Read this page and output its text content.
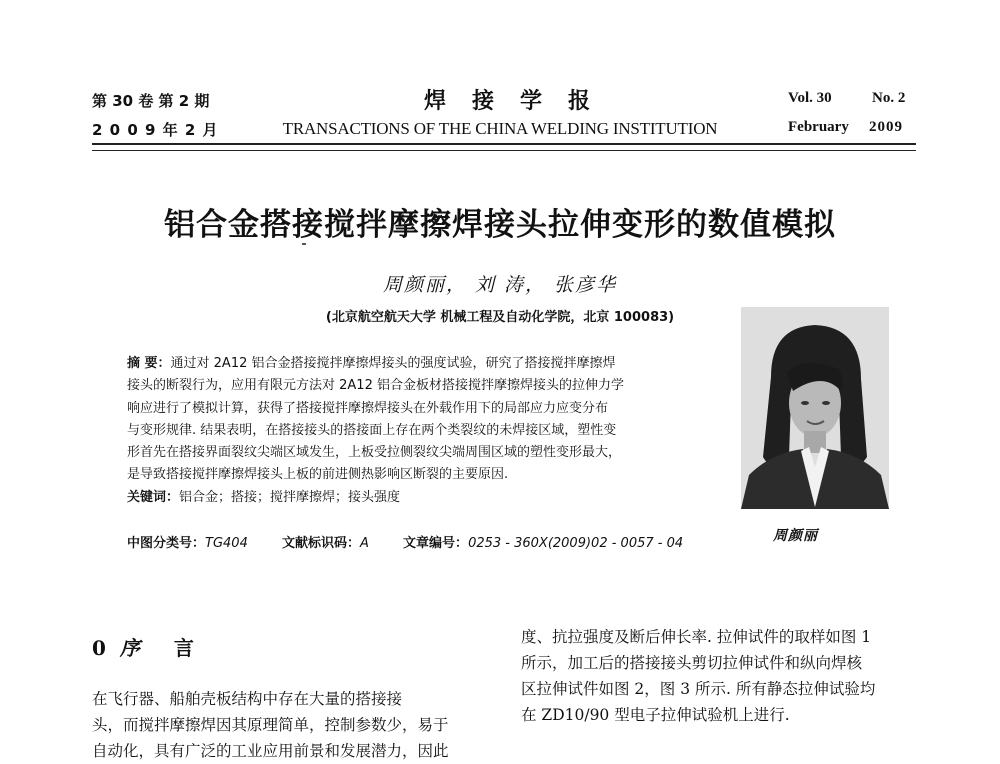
第 30 卷 第 2 期
2 0 0 9 年 2 月
焊接学报
TRANSACTIONS OF THE CHINA WELDING INSTITUTION
Vol. 30	No. 2
February 2009
铝合金搭接搅拌摩擦焊接头拉伸变形的数值模拟
周颜丽， 刘 涛， 张彦华
(北京航空航天大学 机械工程及自动化学院，北京 100083)
摘 要：通过对 2A12 铝合金搭接搅拌摩擦焊接头的强度试验，研究了搭接搅拌摩擦焊
接头的断裂行为，应用有限元方法对 2A12 铝合金板材搭接搅拌摩擦焊接头的拉伸力学
响应进行了模拟计算，获得了搭接搅拌摩擦焊接头在外载作用下的局部应力应变分布
与变形规律. 结果表明，在搭接接头的搭接面上存在两个类裂纹的未焊接区域，塑性变
形首先在搭接界面裂纹尖端区域发生，上板受拉侧裂纹尖端周围区域的塑性变形最大，
是导致搭接搅拌摩擦焊接头上板的前进侧热影响区断裂的主要原因.
关键词：铝合金；搭接；搅拌摩擦焊；接头强度
中图分类号：TG404	文献标识码：A	文章编号：0253 - 360X(2009)02 - 0057 - 04	周颜丽
0 序 言
在飞行器、船舶壳板结构中存在大量的搭接接
头，而搅拌摩擦焊因其原理简单，控制参数少，易于
自动化，具有广泛的工业应用前景和发展潜力，因此
度、抗拉强度及断后伸长率. 拉伸试件的取样如图 1
所示，加工后的搭接接头剪切拉伸试件和纵向焊核
区拉伸试件如图 2，图 3 所示. 所有静态拉伸试验均
在 ZD10/90 型电子拉伸试验机上进行.
